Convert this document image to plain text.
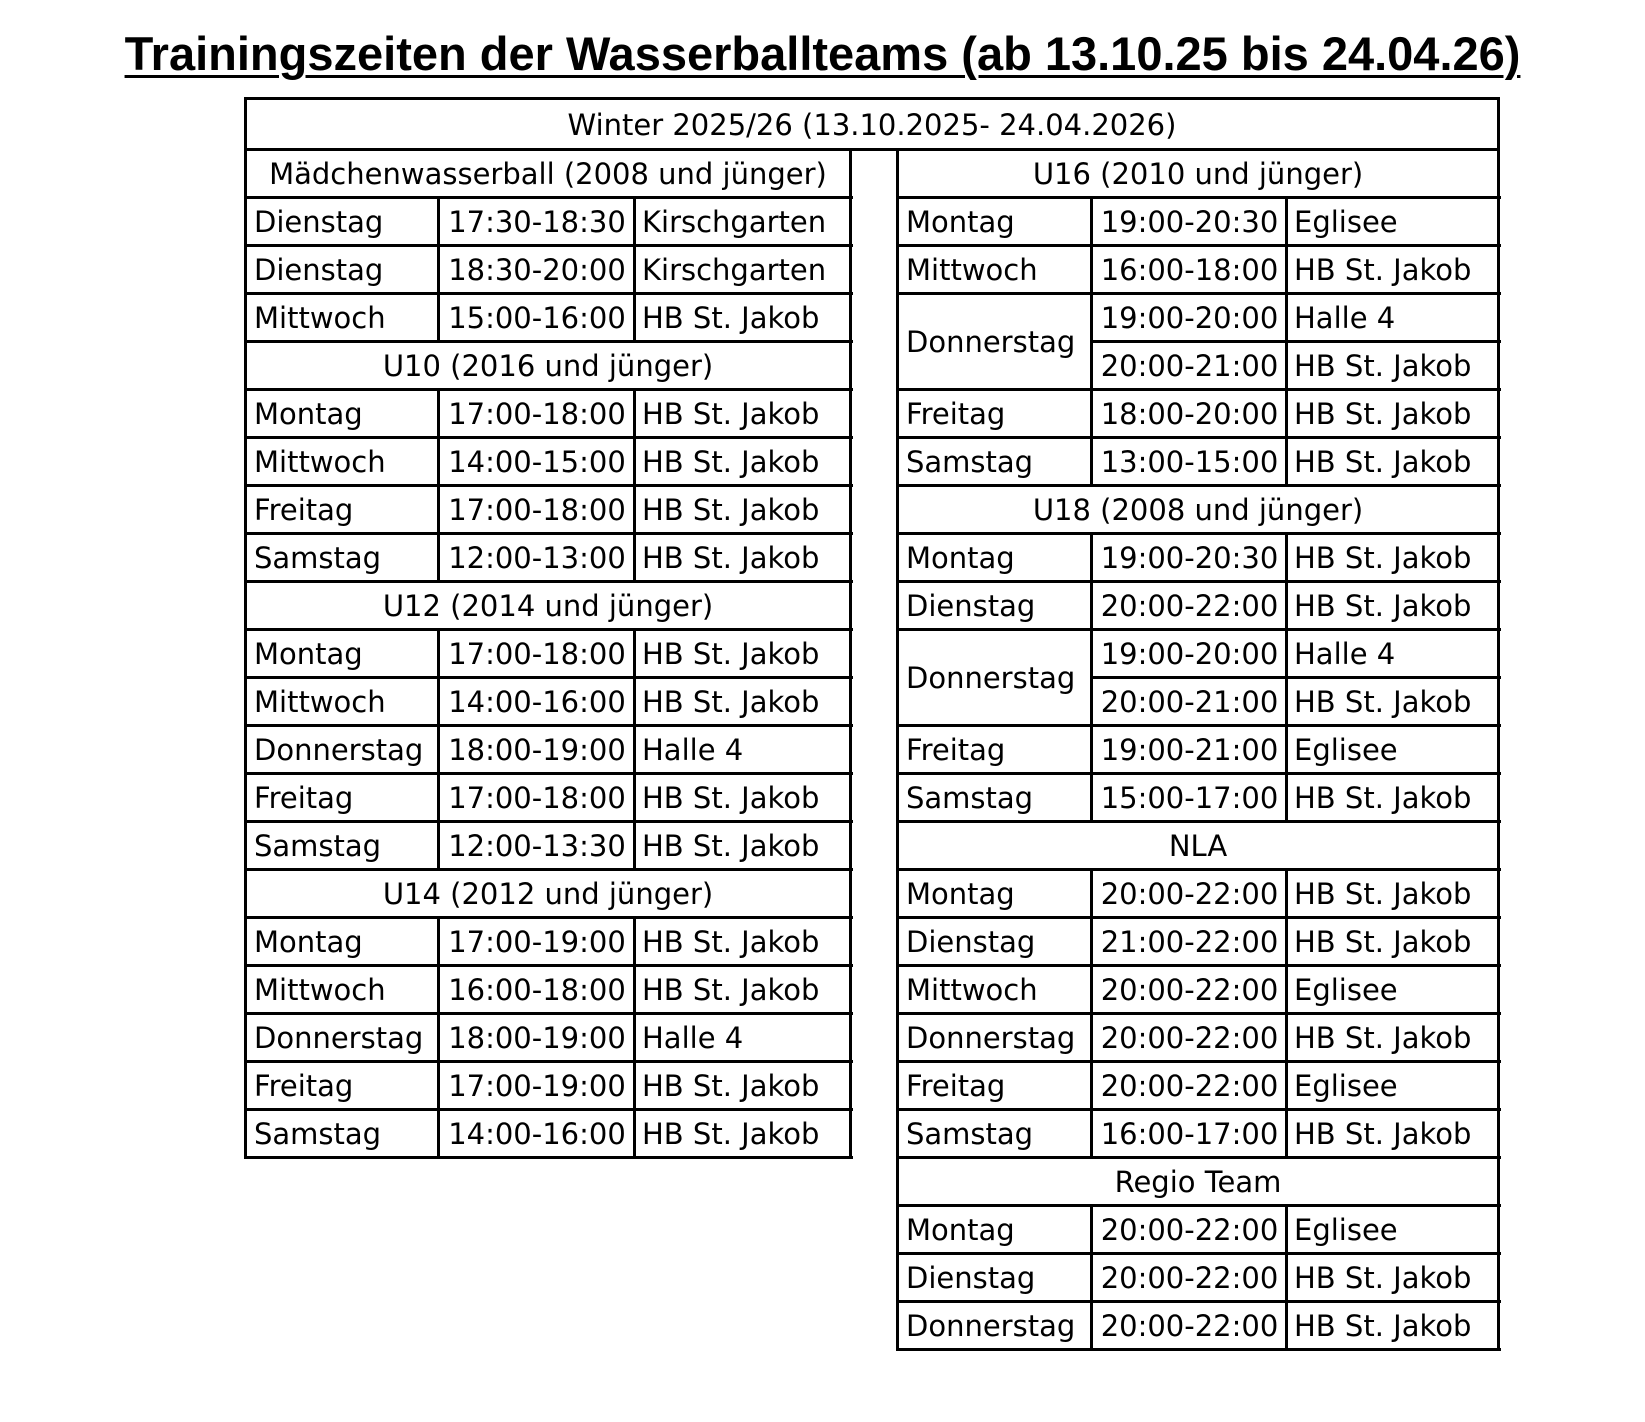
Trainingszeiten der Wasserballteams (ab 13.10.25 bis 24.04.26)
Winter 2025/26 (13.10.2025- 24.04.2026)
Mädchenwasserball (2008 und jünger)
Dienstag	17:30-18:30 Kirschgarten
Dienstag	18:30-20:00 Kirschgarten
Mittwoch	15:00-16:00 HB St. Jakob
U10 (2016 und jünger)
Montag	17:00-18:00 HB St. Jakob
Mittwoch	14:00-15:00 HB St. Jakob
Freitag	17:00-18:00 HB St. Jakob
Samstag	12:00-13:00 HB St. Jakob
U12 (2014 und jünger)
Montag	17:00-18:00 HB St. Jakob
Mittwoch	14:00-16:00 HB St. Jakob
Donnerstag 18:00-19:00 Halle 4
Freitag	17:00-18:00 HB St. Jakob
Samstag	12:00-13:30 HB St. Jakob
U14 (2012 und jünger)
Montag	17:00-19:00 HB St. Jakob
Mittwoch	16:00-18:00 HB St. Jakob
Donnerstag 18:00-19:00 Halle 4
Freitag	17:00-19:00 HB St. Jakob
Samstag	14:00-16:00 HB St. Jakob
U16 (2010 und jünger)
Montag	19:00-20:30 Eglisee
Mittwoch	16:00-18:00 HB St. Jakob
Donnerstag
19:00-20:00 Halle 4
20:00-21:00 HB St. Jakob
Freitag	18:00-20:00 HB St. Jakob
Samstag	13:00-15:00 HB St. Jakob
U18 (2008 und jünger)
Montag	19:00-20:30 HB St. Jakob
Dienstag	20:00-22:00 HB St. Jakob
Donnerstag
19:00-20:00 Halle 4
20:00-21:00 HB St. Jakob
Freitag	19:00-21:00 Eglisee
Samstag	15:00-17:00 HB St. Jakob
NLA
Montag	20:00-22:00 HB St. Jakob
Dienstag	21:00-22:00 HB St. Jakob
Mittwoch	20:00-22:00 Eglisee
Donnerstag 20:00-22:00 HB St. Jakob
Freitag	20:00-22:00 Eglisee
Samstag	16:00-17:00 HB St. Jakob
Regio Team
Montag	20:00-22:00 Eglisee
Dienstag	20:00-22:00 HB St. Jakob
Donnerstag 20:00-22:00 HB St. Jakob
